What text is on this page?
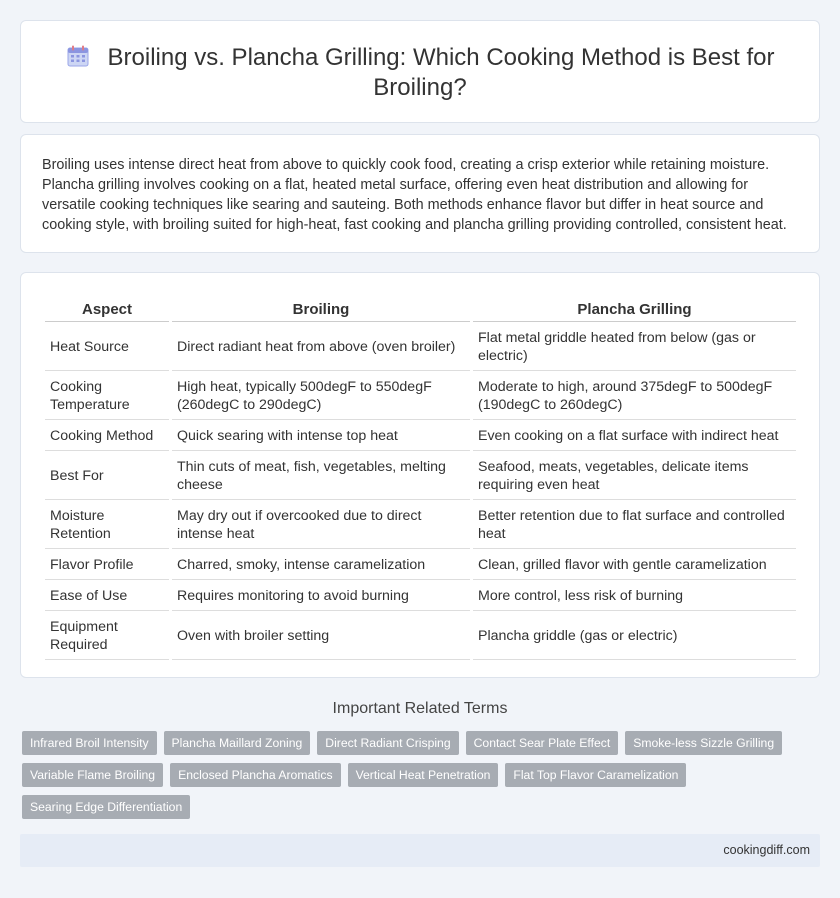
Broiling vs. Plancha Grilling: Which Cooking Method is Best for Broiling?

Broiling uses intense direct heat from above to quickly cook food, creating a crisp exterior while retaining moisture. Plancha grilling involves cooking on a flat, heated metal surface, offering even heat distribution and allowing for versatile cooking techniques like searing and sauteing. Both methods enhance flavor but differ in heat source and cooking style, with broiling suited for high-heat, fast cooking and plancha grilling providing controlled, consistent heat.

Aspect	Broiling	Plancha Grilling
Heat Source	Direct radiant heat from above (oven broiler)	Flat metal griddle heated from below (gas or electric)
Cooking Temperature	High heat, typically 500degF to 550degF (260degC to 290degC)	Moderate to high, around 375degF to 500degF (190degC to 260degC)
Cooking Method	Quick searing with intense top heat	Even cooking on a flat surface with indirect heat
Best For	Thin cuts of meat, fish, vegetables, melting cheese	Seafood, meats, vegetables, delicate items requiring even heat
Moisture Retention	May dry out if overcooked due to direct intense heat	Better retention due to flat surface and controlled heat
Flavor Profile	Charred, smoky, intense caramelization	Clean, grilled flavor with gentle caramelization
Ease of Use	Requires monitoring to avoid burning	More control, less risk of burning
Equipment Required	Oven with broiler setting	Plancha griddle (gas or electric)
Important Related Terms
Infrared Broil Intensity	Plancha Maillard Zoning	Direct Radiant Crisping	Contact Sear Plate Effect	Smoke-less Sizzle Grilling
Variable Flame Broiling	Enclosed Plancha Aromatics	Vertical Heat Penetration	Flat Top Flavor Caramelization
Searing Edge Differentiation
cookingdiff.com
